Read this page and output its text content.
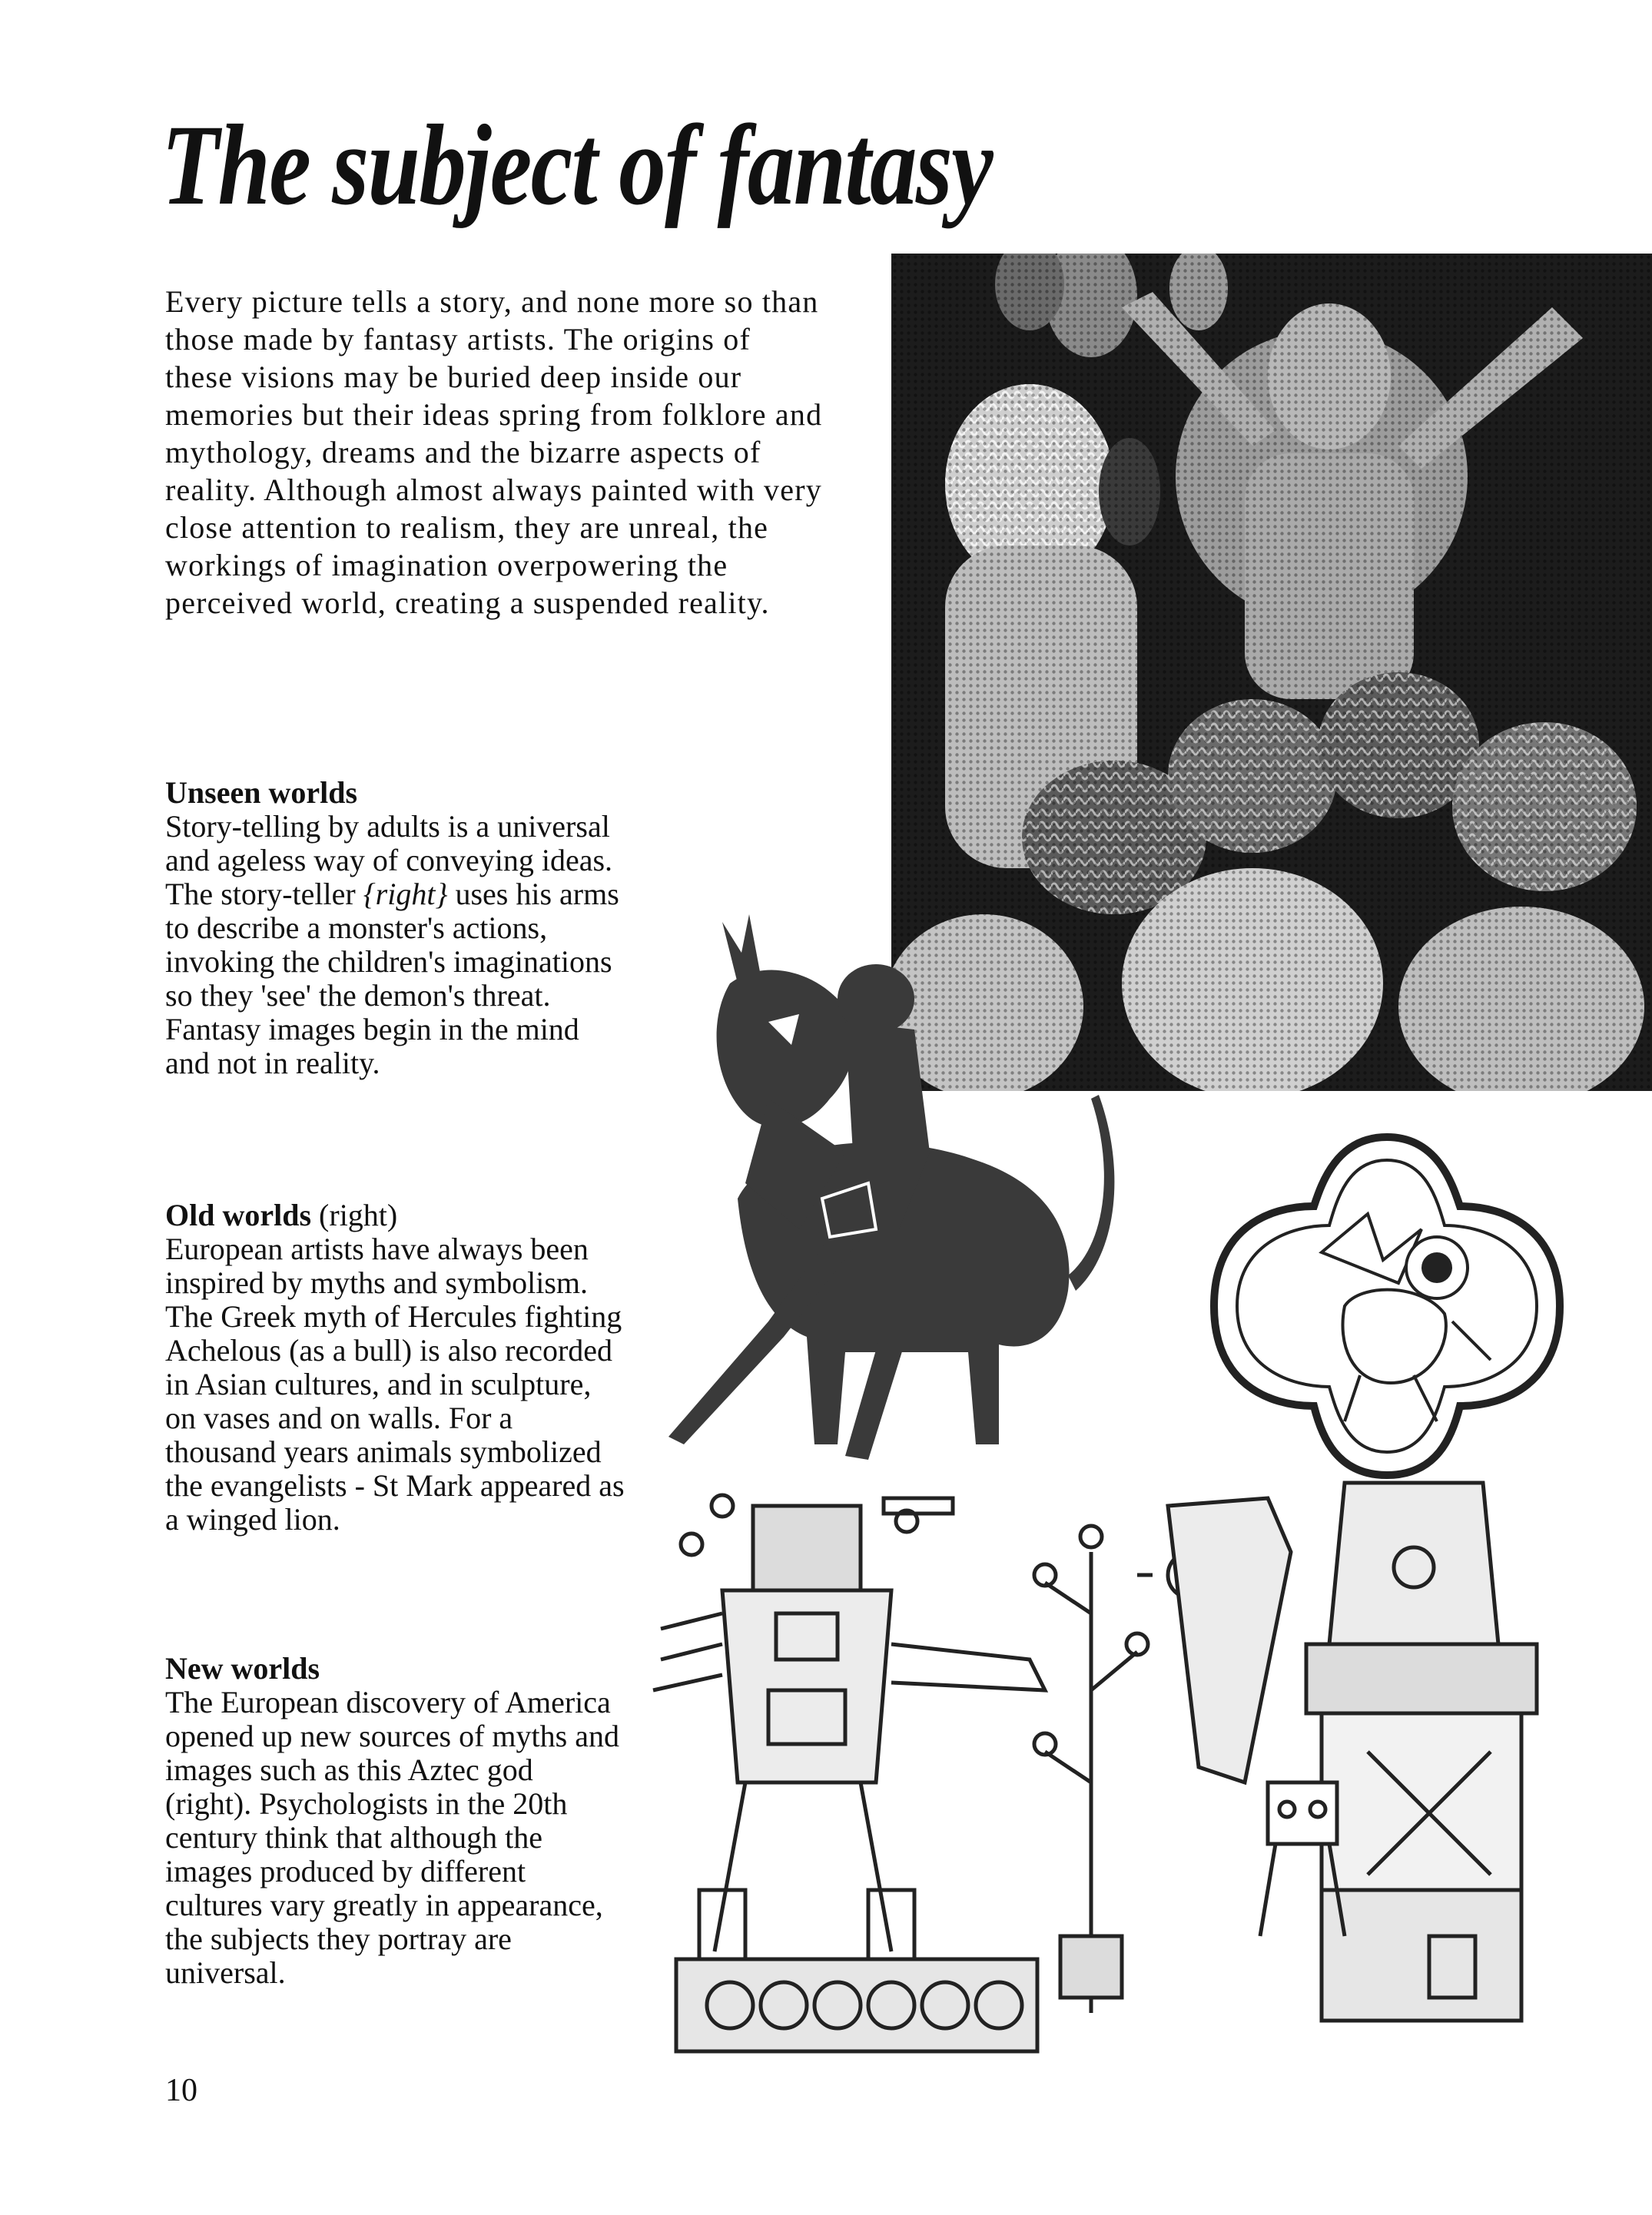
The subject of fantasy

Every picture tells a story, and none more so than those made by fantasy artists. The origins of these visions may be buried deep inside our memories but their ideas spring from folklore and mythology, dreams and the bizarre aspects of reality. Although almost always painted with very close attention to realism, they are unreal, the workings of imagination overpowering the perceived world, creating a suspended reality.

Unseen worlds
Story-telling by adults is a universal and ageless way of conveying ideas. The story-teller {right} uses his arms to describe a monster's actions, invoking the children's imaginations so they 'see' the demon's threat. Fantasy images begin in the mind and not in reality.
Old worlds (right)
European artists have always been inspired by myths and symbolism. The Greek myth of Hercules fighting Achelous (as a bull) is also recorded in Asian cultures, and in sculpture, on vases and on walls. For a thousand years animals symbolized the evangelists - St Mark appeared as a winged lion.
New worlds
The European discovery of America opened up new sources of myths and images such as this Aztec god (right). Psychologists in the 20th century think that although the images produced by different cultures vary greatly in appearance, the subjects they portray are universal.
10
